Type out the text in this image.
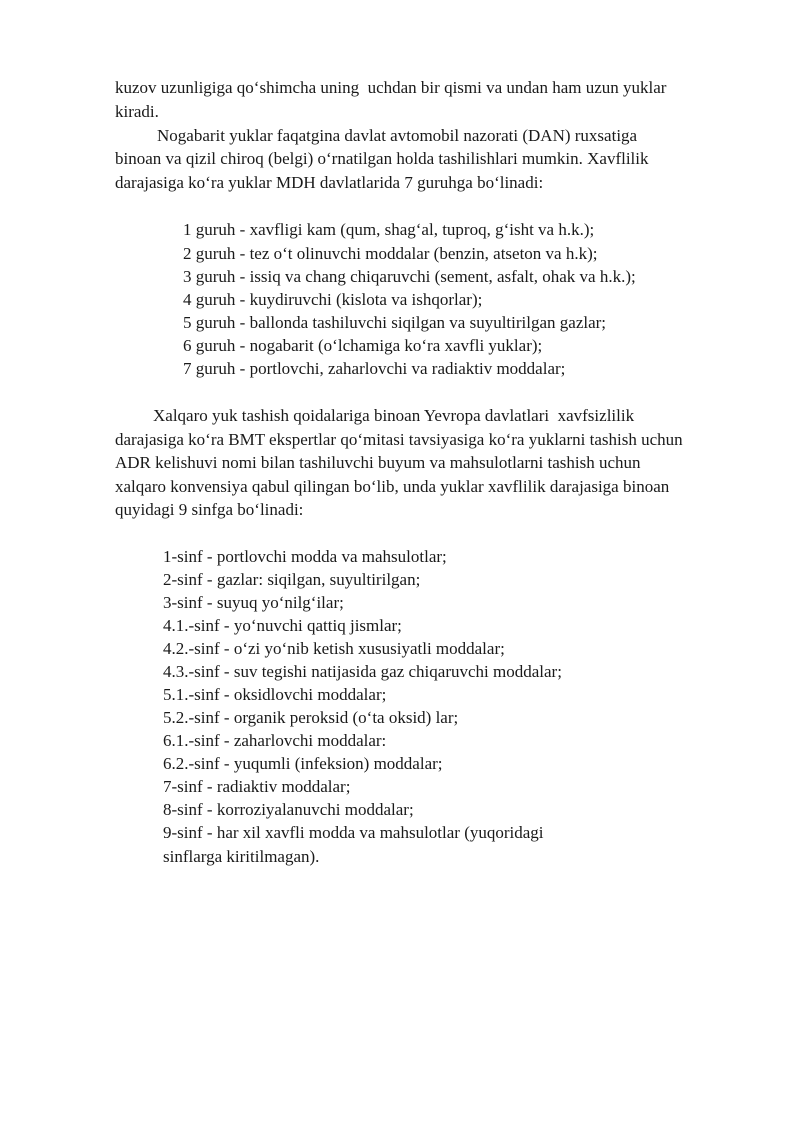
kuzov uzunligiga qo‘shimcha uning  uchdan bir qismi va undan ham uzun yuklar
kiradi.
Nogabarit yuklar faqatgina davlat avtomobil nazorati (DAN) ruxsatiga
binoan va qizil chiroq (belgi) o‘rnatilgan holda tashilishlari mumkin. Xavflilik
darajasiga ko‘ra yuklar MDH davlatlarida 7 guruhga bo‘linadi:
1 guruh - xavfligi kam (qum, shag‘al, tuproq, g‘isht va h.k.);
2 guruh - tez o‘t olinuvchi moddalar (benzin, atseton va h.k);
3 guruh - issiq va chang chiqaruvchi (sement, asfalt, ohak va h.k.);
4 guruh - kuydiruvchi (kislota va ishqorlar);
5 guruh - ballonda tashiluvchi siqilgan va suyultirilgan gazlar;
6 guruh - nogabarit (o‘lchamiga ko‘ra xavfli yuklar);
7 guruh - portlovchi, zaharlovchi va radiaktiv moddalar;
Xalqaro yuk tashish qoidalariga binoan Yevropa davlatlari  xavfsizlilik
darajasiga ko‘ra BMT ekspertlar qo‘mitasi tavsiyasiga ko‘ra yuklarni tashish uchun
ADR kelishuvi nomi bilan tashiluvchi buyum va mahsulotlarni tashish uchun
xalqaro konvensiya qabul qilingan bo‘lib, unda yuklar xavflilik darajasiga binoan
quyidagi 9 sinfga bo‘linadi:
1-sinf - portlovchi modda va mahsulotlar;
2-sinf - gazlar: siqilgan, suyultirilgan;
3-sinf - suyuq yo‘nilg‘ilar;
4.1.-sinf - yo‘nuvchi qattiq jismlar;
4.2.-sinf - o‘zi yo‘nib ketish xususiyatli moddalar;
4.3.-sinf - suv tegishi natijasida gaz chiqaruvchi moddalar;
5.1.-sinf - oksidlovchi moddalar;
5.2.-sinf - organik peroksid (o‘ta oksid) lar;
6.1.-sinf - zaharlovchi moddalar:
6.2.-sinf - yuqumli (infeksion) moddalar;
7-sinf - radiaktiv moddalar;
8-sinf - korroziyalanuvchi moddalar;
9-sinf - har xil xavfli modda va mahsulotlar (yuqoridagi
sinflarga kiritilmagan).
